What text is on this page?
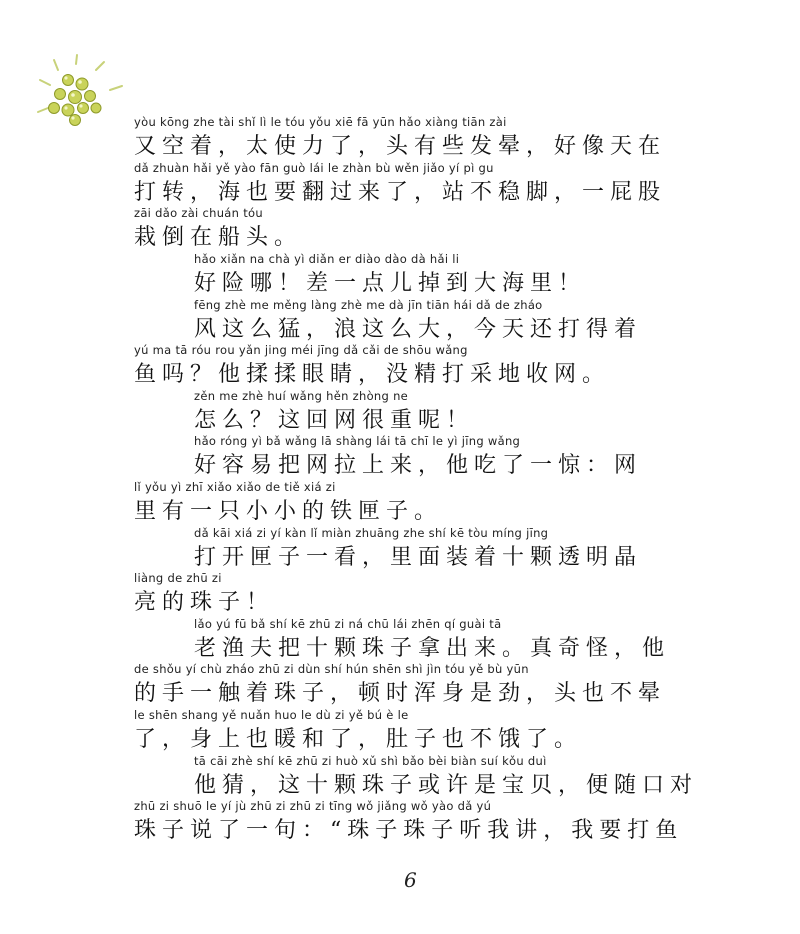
yòu kōng zhe tài shǐ lì le tóu yǒu xiē fā yūn hǎo xiàng tiān zài
又空着，太使力了，头有些发晕，好像天在
dǎ zhuàn hǎi yě yào fān guò lái le zhàn bù wěn jiǎo yí pì gu
打转，海也要翻过来了，站不稳脚，一屁股
zāi dǎo zài chuán tóu
栽倒在船头。
hǎo xiǎn na chà yì diǎn er diào dào dà hǎi li
好险哪！差一点儿掉到大海里！
fēng zhè me měng làng zhè me dà jīn tiān hái dǎ de zháo
风这么猛，浪这么大，今天还打得着
yú ma tā róu rou yǎn jing méi jīng dǎ cǎi de shōu wǎng
鱼吗？他揉揉眼睛，没精打采地收网。
zěn me zhè huí wǎng hěn zhòng ne
怎么？这回网很重呢！
hǎo róng yì bǎ wǎng lā shàng lái tā chī le yì jīng wǎng
好容易把网拉上来，他吃了一惊：网
lǐ yǒu yì zhī xiǎo xiǎo de tiě xiá zi
里有一只小小的铁匣子。
dǎ kāi xiá zi yí kàn lǐ miàn zhuāng zhe shí kē tòu míng jīng
打开匣子一看，里面装着十颗透明晶
liàng de zhū zi
亮的珠子！
lǎo yú fū bǎ shí kē zhū zi ná chū lái zhēn qí guài tā
老渔夫把十颗珠子拿出来。真奇怪，他
de shǒu yí chù zháo zhū zi dùn shí hún shēn shì jìn tóu yě bù yūn
的手一触着珠子，顿时浑身是劲，头也不晕
le shēn shang yě nuǎn huo le dù zi yě bú è le
了，身上也暖和了，肚子也不饿了。
tā cāi zhè shí kē zhū zi huò xǔ shì bǎo bèi biàn suí kǒu duì
他猜，这十颗珠子或许是宝贝，便随口对
zhū zi shuō le yí jù zhū zi zhū zi tīng wǒ jiǎng wǒ yào dǎ yú
珠子说了一句：“珠子珠子听我讲，我要打鱼
6
